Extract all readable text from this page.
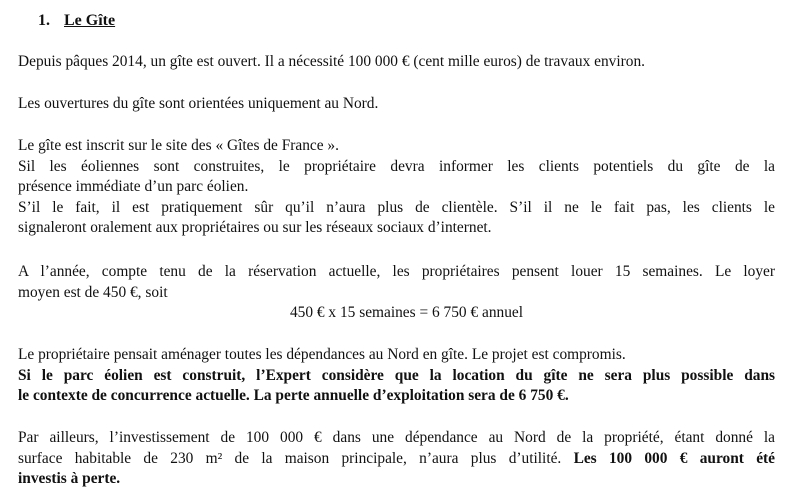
1. Le Gîte

Depuis pâques 2014, un gîte est ouvert. Il a nécessité 100 000 € (cent mille euros) de travaux environ.

Les ouvertures du gîte sont orientées uniquement au Nord.

Le gîte est inscrit sur le site des « Gîtes de France ».
Sil les éoliennes sont construites, le propriétaire devra informer les clients potentiels du gîte de la
présence immédiate d’un parc éolien.
S’il le fait, il est pratiquement sûr qu’il n’aura plus de clientèle. S’il il ne le fait pas, les clients le
signaleront oralement aux propriétaires ou sur les réseaux sociaux d’internet.

A l’année, compte tenu de la réservation actuelle, les propriétaires pensent louer 15 semaines. Le loyer
moyen est de 450 €, soit
450 € x 15 semaines = 6 750 € annuel

Le propriétaire pensait aménager toutes les dépendances au Nord en gîte. Le projet est compromis.
Si le parc éolien est construit, l’Expert considère que la location du gîte ne sera plus possible dans
le contexte de concurrence actuelle. La perte annuelle d’exploitation sera de 6 750 €.

Par ailleurs, l’investissement de 100 000 € dans une dépendance au Nord de la propriété, étant donné la
surface habitable de 230 m² de la maison principale, n’aura plus d’utilité. Les 100 000 € auront été
investis à perte.
